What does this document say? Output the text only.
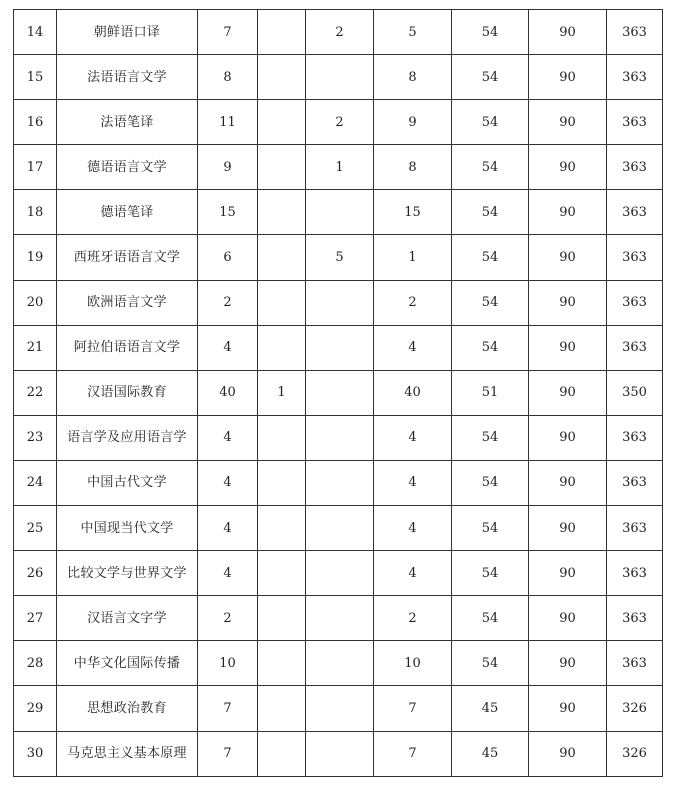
14	朝鲜语口译	7		2	5	54	90	363
15	法语语言文学	8			8	54	90	363
16	法语笔译	11		2	9	54	90	363
17	德语语言文学	9		1	8	54	90	363
18	德语笔译	15			15	54	90	363
19	西班牙语语言文学	6		5	1	54	90	363
20	欧洲语言文学	2			2	54	90	363
21	阿拉伯语语言文学	4			4	54	90	363
22	汉语国际教育	40	1		40	51	90	350
23	语言学及应用语言学	4			4	54	90	363
24	中国古代文学	4			4	54	90	363
25	中国现当代文学	4			4	54	90	363
26	比较文学与世界文学	4			4	54	90	363
27	汉语言文字学	2			2	54	90	363
28	中华文化国际传播	10			10	54	90	363
29	思想政治教育	7			7	45	90	326
30	马克思主义基本原理	7			7	45	90	326
